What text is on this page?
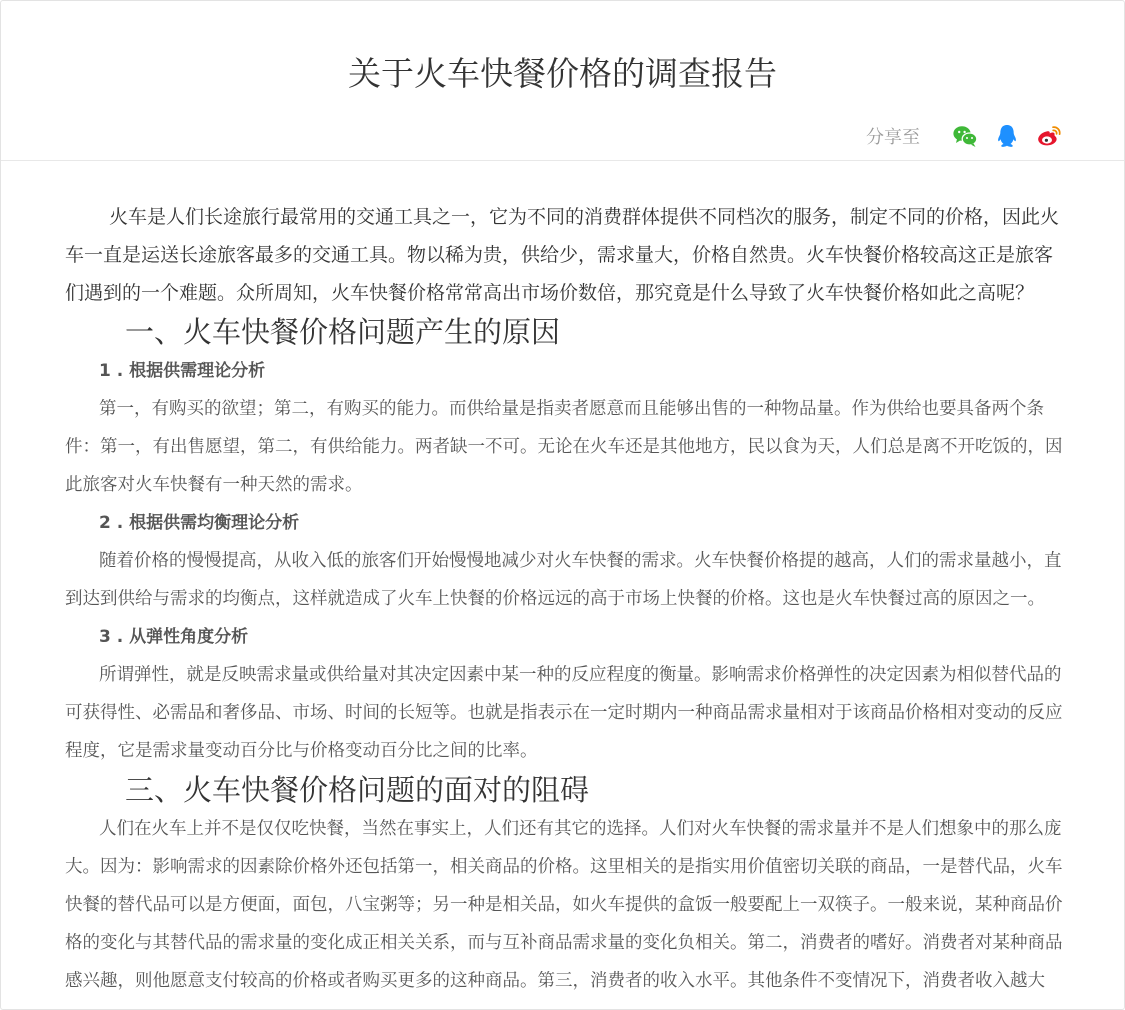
关于火车快餐价格的调查报告
分享至

火车是人们长途旅行最常用的交通工具之一，它为不同的消费群体提供不同档次的服务，制定不同的价格，因此火车一直是运送长途旅客最多的交通工具。物以稀为贵，供给少，需求量大，价格自然贵。火车快餐价格较高这正是旅客们遇到的一个难题。众所周知，火车快餐价格常常高出市场价数倍，那究竟是什么导致了火车快餐价格如此之高呢？

一、火车快餐价格问题产生的原因
1 . 根据供需理论分析

第一，有购买的欲望；第二，有购买的能力。而供给量是指卖者愿意而且能够出售的一种物品量。作为供给也要具备两个条件：第一，有出售愿望，第二，有供给能力。两者缺一不可。无论在火车还是其他地方，民以食为天，人们总是离不开吃饭的，因此旅客对火车快餐有一种天然的需求。

2 . 根据供需均衡理论分析

随着价格的慢慢提高，从收入低的旅客们开始慢慢地减少对火车快餐的需求。火车快餐价格提的越高，人们的需求量越小，直到达到供给与需求的均衡点，这样就造成了火车上快餐的价格远远的高于市场上快餐的价格。这也是火车快餐过高的原因之一。

3 . 从弹性角度分析

所谓弹性，就是反映需求量或供给量对其决定因素中某一种的反应程度的衡量。影响需求价格弹性的决定因素为相似替代品的可获得性、必需品和奢侈品、市场、时间的长短等。也就是指表示在一定时期内一种商品需求量相对于该商品价格相对变动的反应程度，它是需求量变动百分比与价格变动百分比之间的比率。

三、火车快餐价格问题的面对的阻碍

人们在火车上并不是仅仅吃快餐，当然在事实上，人们还有其它的选择。人们对火车快餐的需求量并不是人们想象中的那么庞大。因为：影响需求的因素除价格外还包括第一，相关商品的价格。这里相关的是指实用价值密切关联的商品，一是替代品，火车快餐的替代品可以是方便面，面包，八宝粥等；另一种是相关品，如火车提供的盒饭一般要配上一双筷子。一般来说，某种商品价格的变化与其替代品的需求量的变化成正相关关系，而与互补商品需求量的变化负相关。第二，消费者的嗜好。消费者对某种商品感兴趣，则他愿意支付较高的价格或者购买更多的这种商品。第三，消费者的收入水平。其他条件不变情况下，消费者收入越大
